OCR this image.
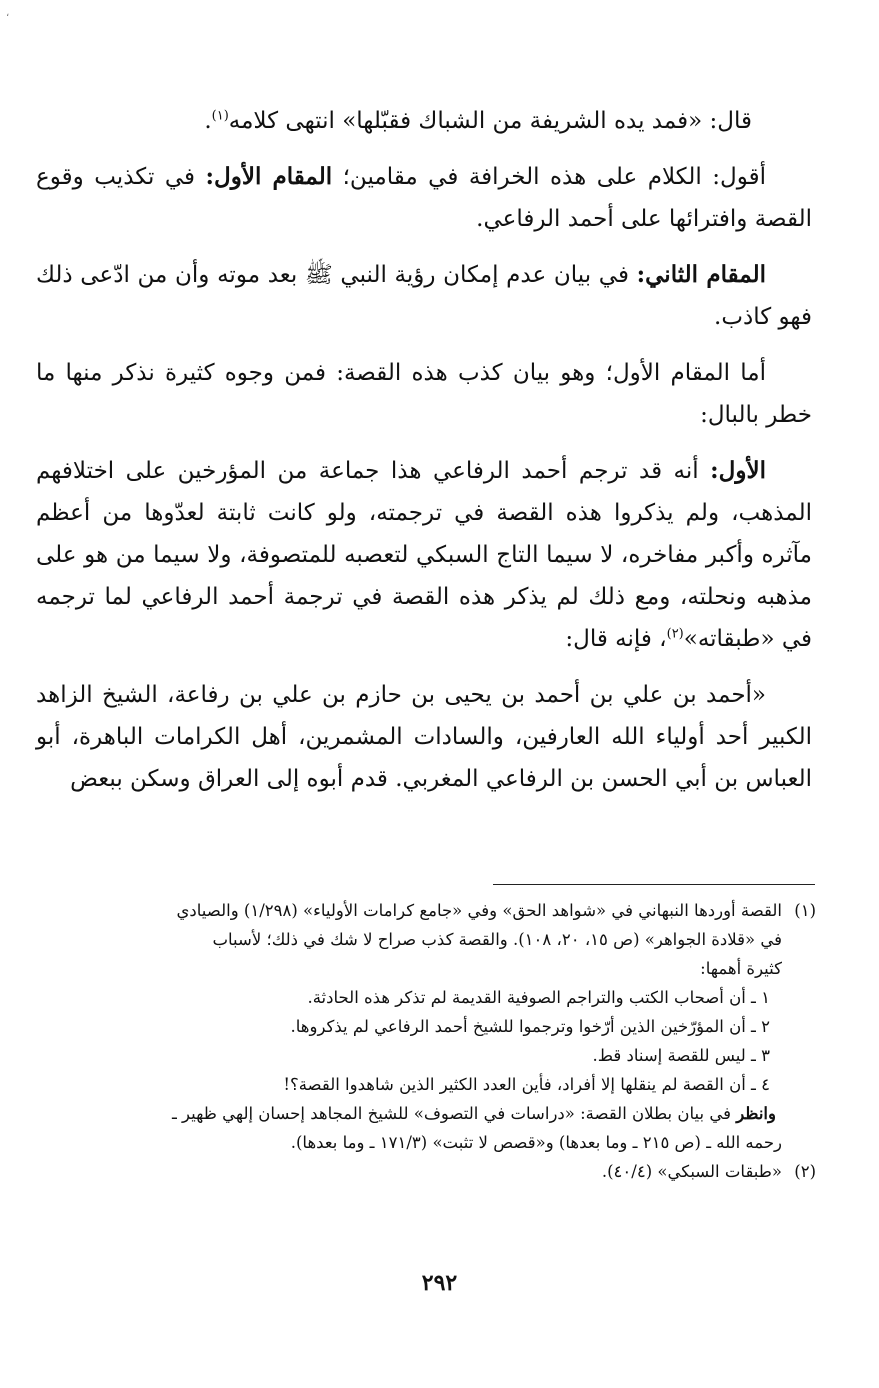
،

قال: «فمد يده الشريفة من الشباك فقبّلها» انتهى كلامه$^{(١)}$.

أقول: الكلام على هذه الخرافة في مقامين؛ المقام الأول: في تكذيب وقوع القصة وافترائها على أحمد الرفاعي.

المقام الثاني: في بيان عدم إمكان رؤية النبي ﷺ بعد موته وأن من ادّعى ذلك فهو كاذب.

أما المقام الأول؛ وهو بيان كذب هذه القصة: فمن وجوه كثيرة نذكر منها ما خطر بالبال:

الأول: أنه قد ترجم أحمد الرفاعي هذا جماعة من المؤرخين على اختلافهم المذهب، ولم يذكروا هذه القصة في ترجمته، ولو كانت ثابتة لعدّوها من أعظم مآثره وأكبر مفاخره، لا سيما التاج السبكي لتعصبه للمتصوفة، ولا سيما من هو على مذهبه ونحلته، ومع ذلك لم يذكر هذه القصة في ترجمة أحمد الرفاعي لما ترجمه في «طبقاته»$^{(٢)}$، فإنه قال:

«أحمد بن علي بن أحمد بن يحيى بن حازم بن علي بن رفاعة، الشيخ الزاهد الكبير أحد أولياء الله العارفين، والسادات المشمرين، أهل الكرامات الباهرة، أبو العباس بن أبي الحسن بن الرفاعي المغربي. قدم أبوه إلى العراق وسكن ببعض

(١)القصة أوردها النبهاني في «شواهد الحق» وفي «جامع كرامات الأولياء» (١/٢٩٨) والصيادي

في «قلادة الجواهر» (ص ١٥، ٢٠، ١٠٨). والقصة كذب صراح لا شك في ذلك؛ لأسباب

كثيرة أهمها:

١ ـ أن أصحاب الكتب والتراجم الصوفية القديمة لم تذكر هذه الحادثة.

٢ ـ أن المؤرّخين الذين أرّخوا وترجموا للشيخ أحمد الرفاعي لم يذكروها.

٣ ـ ليس للقصة إسناد قط.

٤ ـ أن القصة لم ينقلها إلا أفراد، فأين العدد الكثير الذين شاهدوا القصة؟!

وانظر في بيان بطلان القصة: «دراسات في التصوف» للشيخ المجاهد إحسان إلهي ظهير ـ

رحمه الله ـ (ص ٢١٥ ـ وما بعدها) و«قصص لا تثبت» (١٧١/٣ ـ وما بعدها).

(٢)«طبقات السبكي» (٤٠/٤).

٢٩٢
